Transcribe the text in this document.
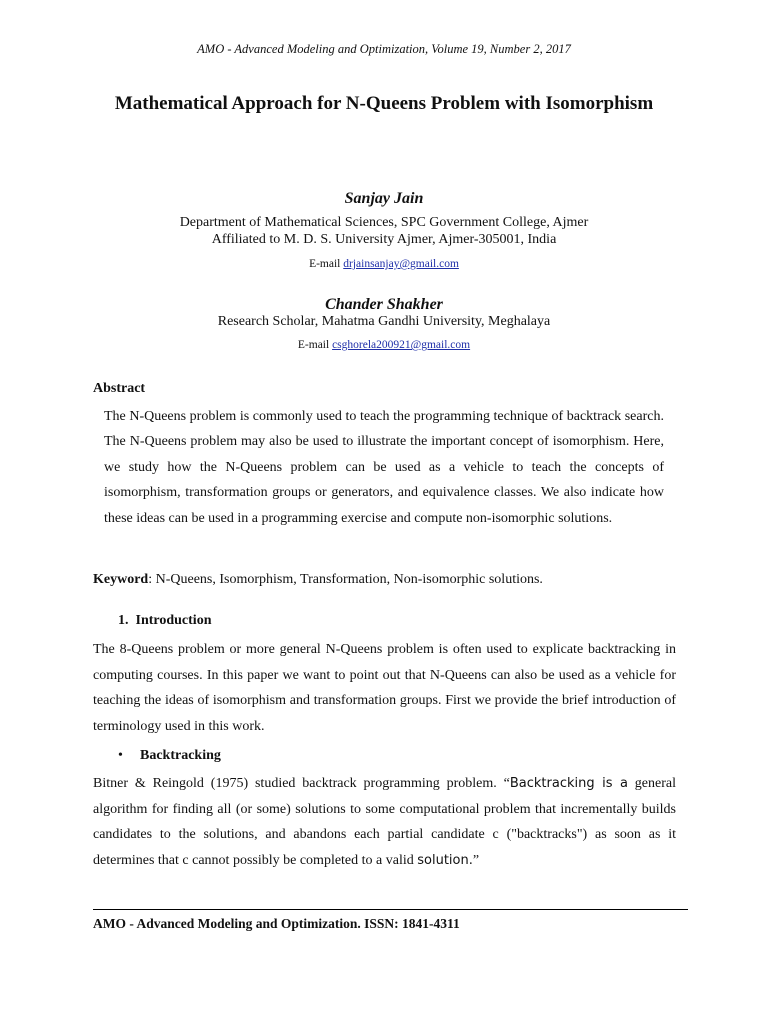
AMO - Advanced Modeling and Optimization, Volume 19, Number 2, 2017
Mathematical Approach for N-Queens Problem with Isomorphism
Sanjay Jain
Department of Mathematical Sciences, SPC Government College, Ajmer
Affiliated to M. D. S. University Ajmer, Ajmer-305001, India
E-mail drjainsanjay@gmail.com
Chander Shakher
Research Scholar, Mahatma Gandhi University, Meghalaya
E-mail csghorela200921@gmail.com
Abstract
The N-Queens problem is commonly used to teach the programming technique of backtrack search. The N-Queens problem may also be used to illustrate the important concept of isomorphism. Here, we study how the N-Queens problem can be used as a vehicle to teach the concepts of isomorphism, transformation groups or generators, and equivalence classes. We also indicate how these ideas can be used in a programming exercise and compute non-isomorphic solutions.
Keyword: N-Queens, Isomorphism, Transformation, Non-isomorphic solutions.
1. Introduction
The 8-Queens problem or more general N-Queens problem is often used to explicate backtracking in computing courses. In this paper we want to point out that N-Queens can also be used as a vehicle for teaching the ideas of isomorphism and transformation groups. First we provide the brief introduction of terminology used in this work.
• Backtracking
Bitner & Reingold (1975) studied backtrack programming problem. “Backtracking is a general algorithm for finding all (or some) solutions to some computational problem that incrementally builds candidates to the solutions, and abandons each partial candidate c ("backtracks") as soon as it determines that c cannot possibly be completed to a valid solution.”
AMO - Advanced Modeling and Optimization. ISSN: 1841-4311
